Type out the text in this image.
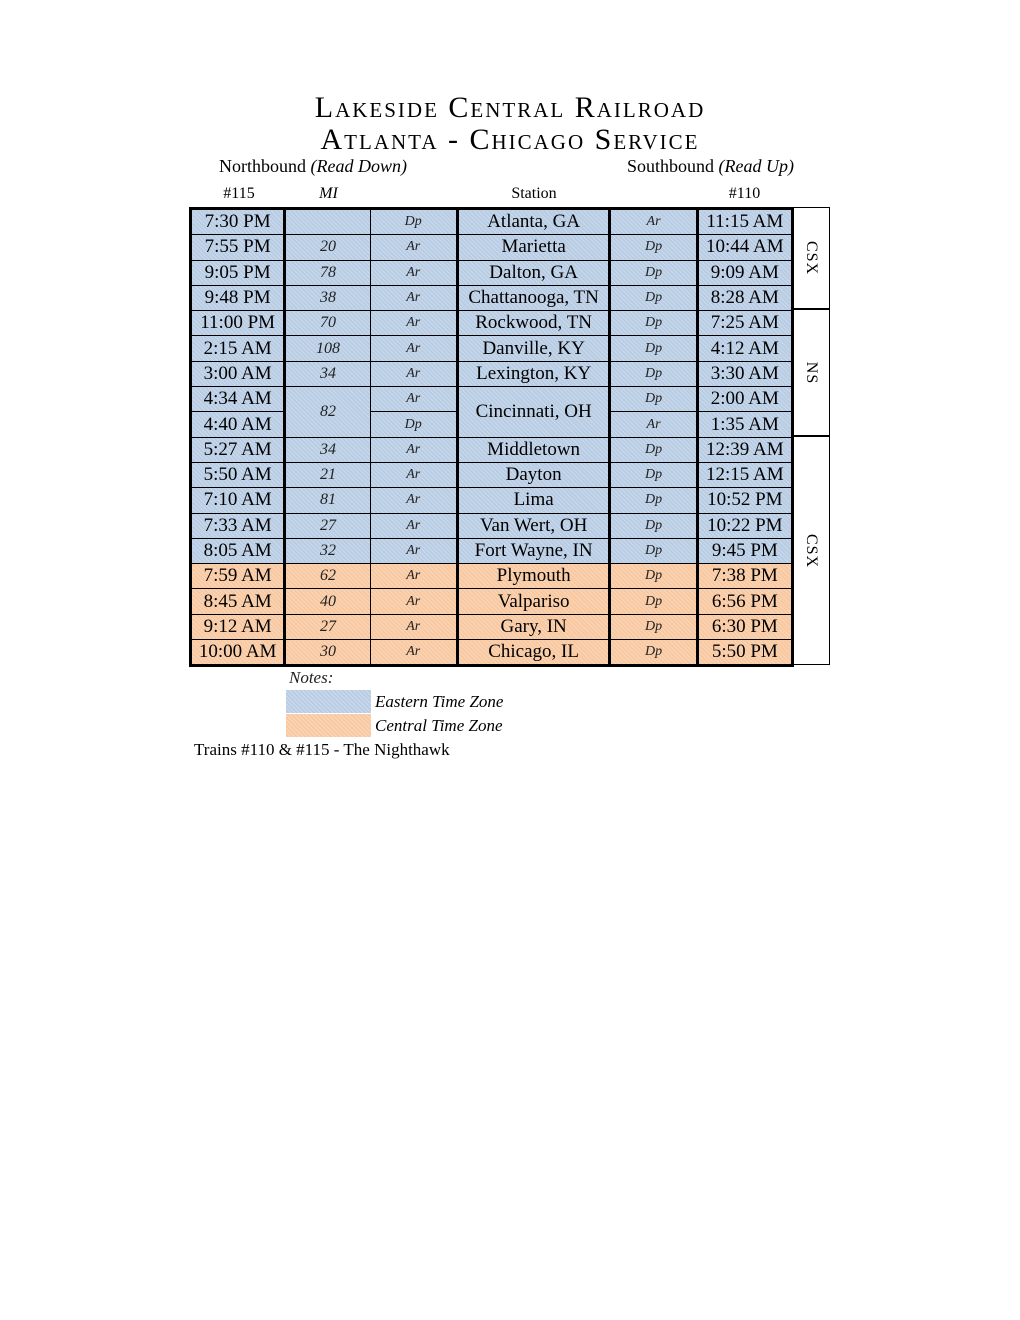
Lakeside Central Railroad
Atlanta - Chicago Service
Northbound (Read Down)	Southbound (Read Up)
#115	MI	Station	#110
7:30 PM		Dp	Atlanta, GA	Ar	11:15 AM
7:55 PM	20	Ar	Marietta	Dp	10:44 AM
9:05 PM	78	Ar	Dalton, GA	Dp	9:09 AM
9:48 PM	38	Ar	Chattanooga, TN	Dp	8:28 AM
11:00 PM	70	Ar	Rockwood, TN	Dp	7:25 AM
2:15 AM	108	Ar	Danville, KY	Dp	4:12 AM
3:00 AM	34	Ar	Lexington, KY	Dp	3:30 AM
4:34 AM	82	Ar	Cincinnati, OH	Dp	2:00 AM
4:40 AM		Dp		Ar	1:35 AM
5:27 AM	34	Ar	Middletown	Dp	12:39 AM
5:50 AM	21	Ar	Dayton	Dp	12:15 AM
7:10 AM	81	Ar	Lima	Dp	10:52 PM
7:33 AM	27	Ar	Van Wert, OH	Dp	10:22 PM
8:05 AM	32	Ar	Fort Wayne, IN	Dp	9:45 PM
7:59 AM	62	Ar	Plymouth	Dp	7:38 PM
8:45 AM	40	Ar	Valpariso	Dp	6:56 PM
9:12 AM	27	Ar	Gary, IN	Dp	6:30 PM
10:00 AM	30	Ar	Chicago, IL	Dp	5:50 PM
CSX
NS
CSX
Notes:
Eastern Time Zone
Central Time Zone
Trains #110 & #115 - The Nighthawk
